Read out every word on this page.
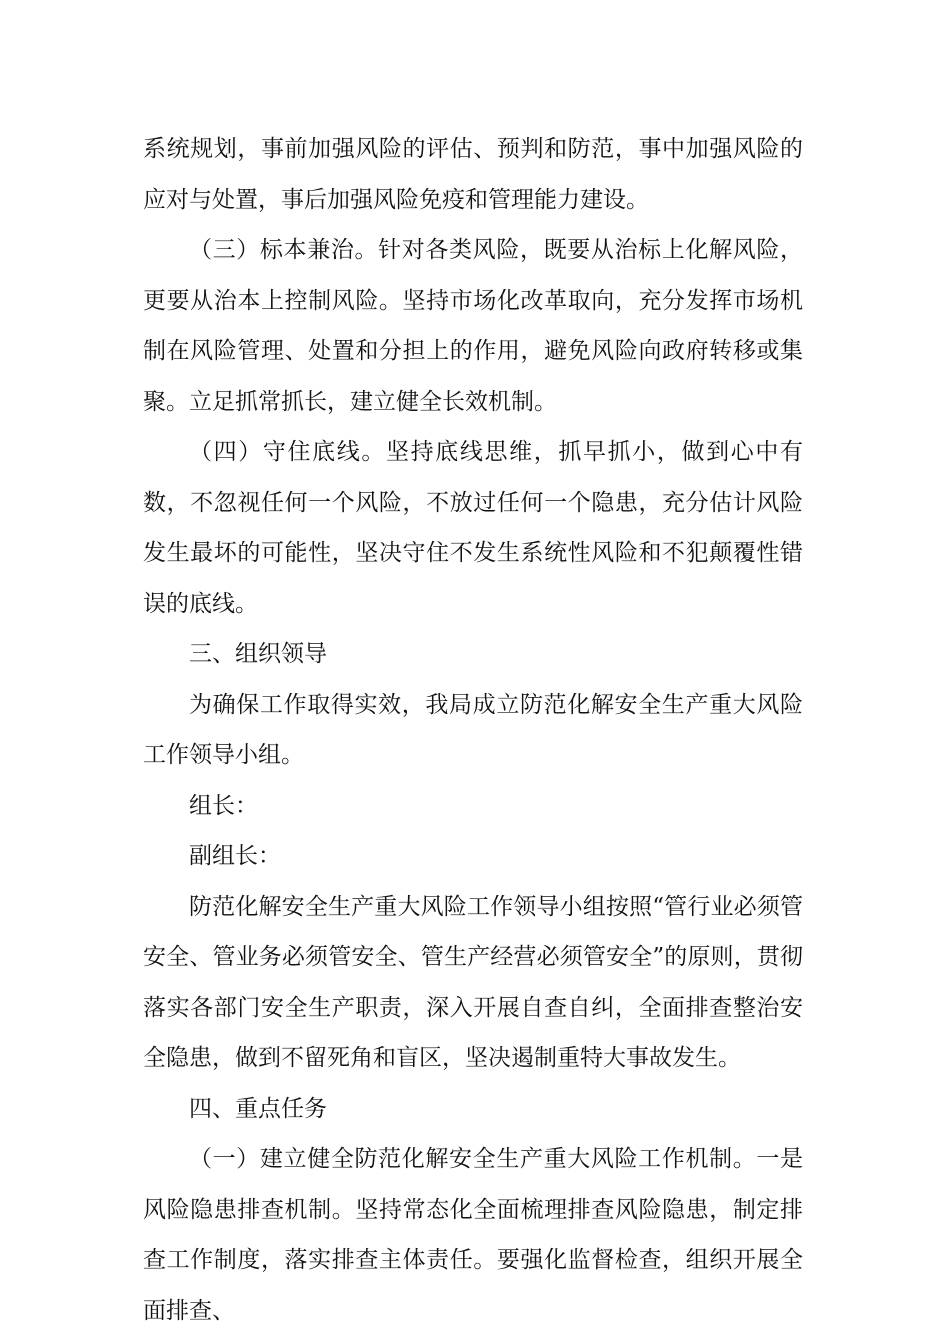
系统规划，事前加强风险的评估、预判和防范，事中加强风险的应对与处置，事后加强风险免疫和管理能力建设。

（三）标本兼治。针对各类风险，既要从治标上化解风险，更要从治本上控制风险。坚持市场化改革取向，充分发挥市场机制在风险管理、处置和分担上的作用，避免风险向政府转移或集聚。立足抓常抓长，建立健全长效机制。

（四）守住底线。坚持底线思维，抓早抓小，做到心中有数，不忽视任何一个风险，不放过任何一个隐患，充分估计风险发生最坏的可能性，坚决守住不发生系统性风险和不犯颠覆性错误的底线。

三、组织领导

为确保工作取得实效，我局成立防范化解安全生产重大风险工作领导小组。

组长：

副组长：

防范化解安全生产重大风险工作领导小组按照“管行业必须管安全、管业务必须管安全、管生产经营必须管安全”的原则，贯彻落实各部门安全生产职责，深入开展自查自纠，全面排查整治安全隐患，做到不留死角和盲区，坚决遏制重特大事故发生。

四、重点任务

（一）建立健全防范化解安全生产重大风险工作机制。一是风险隐患排查机制。坚持常态化全面梳理排查风险隐患，制定排查工作制度，落实排查主体责任。要强化监督检查，组织开展全面排查、
